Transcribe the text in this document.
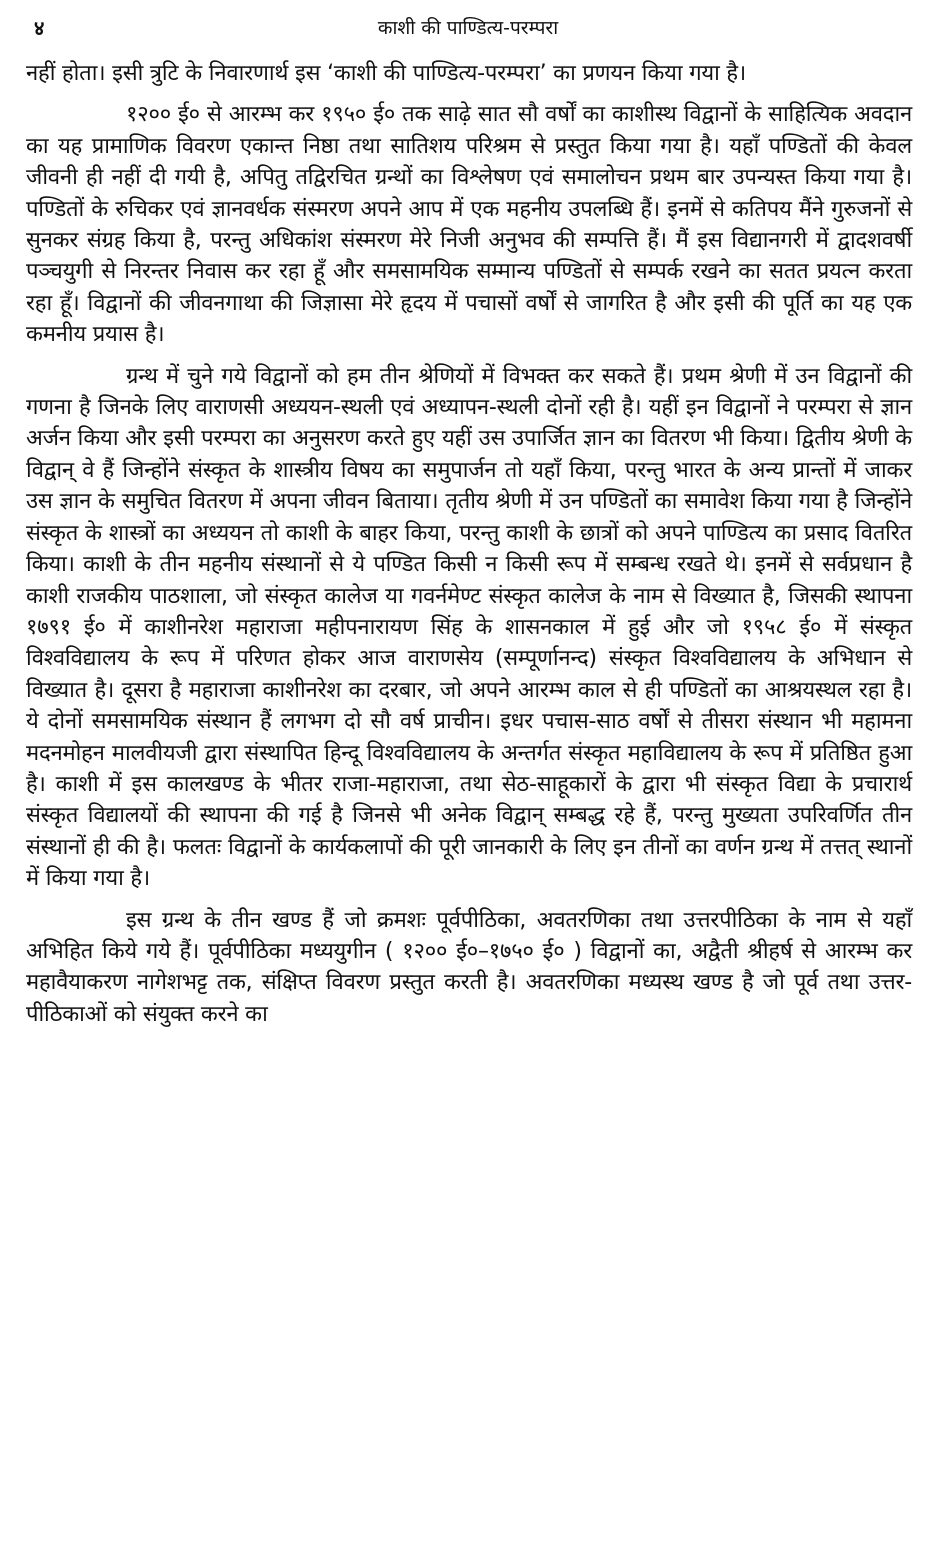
४	काशी की पाण्डित्य-परम्परा

नहीं होता। इसी त्रुटि के निवारणार्थ इस ‘काशी की पाण्डित्य-परम्परा’ का प्रणयन किया गया है।

१२०० ई० से आरम्भ कर १९५० ई० तक साढ़े सात सौ वर्षों का काशीस्थ विद्वानों के साहित्यिक अवदान का यह प्रामाणिक विवरण एकान्त निष्ठा तथा सातिशय परिश्रम से प्रस्तुत किया गया है। यहाँ पण्डितों की केवल जीवनी ही नहीं दी गयी है, अपितु तद्विरचित ग्रन्थों का विश्लेषण एवं समालोचन प्रथम बार उपन्यस्त किया गया है। पण्डितों के रुचिकर एवं ज्ञानवर्धक संस्मरण अपने आप में एक महनीय उपलब्धि हैं। इनमें से कतिपय मैंने गुरुजनों से सुनकर संग्रह किया है, परन्तु अधिकांश संस्मरण मेरे निजी अनुभव की सम्पत्ति हैं। मैं इस विद्यानगरी में द्वादशवर्षी पञ्चयुगी से निरन्तर निवास कर रहा हूँ और समसामयिक सम्मान्य पण्डितों से सम्पर्क रखने का सतत प्रयत्न करता रहा हूँ। विद्वानों की जीवनगाथा की जिज्ञासा मेरे हृदय में पचासों वर्षों से जागरित है और इसी की पूर्ति का यह एक कमनीय प्रयास है।

ग्रन्थ में चुने गये विद्वानों को हम तीन श्रेणियों में विभक्त कर सकते हैं। प्रथम श्रेणी में उन विद्वानों की गणना है जिनके लिए वाराणसी अध्ययन-स्थली एवं अध्यापन-स्थली दोनों रही है। यहीं इन विद्वानों ने परम्परा से ज्ञान अर्जन किया और इसी परम्परा का अनुसरण करते हुए यहीं उस उपार्जित ज्ञान का वितरण भी किया। द्वितीय श्रेणी के विद्वान् वे हैं जिन्होंने संस्कृत के शास्त्रीय विषय का समुपार्जन तो यहाँ किया, परन्तु भारत के अन्य प्रान्तों में जाकर उस ज्ञान के समुचित वितरण में अपना जीवन बिताया। तृतीय श्रेणी में उन पण्डितों का समावेश किया गया है जिन्होंने संस्कृत के शास्त्रों का अध्ययन तो काशी के बाहर किया, परन्तु काशी के छात्रों को अपने पाण्डित्य का प्रसाद वितरित किया। काशी के तीन महनीय संस्थानों से ये पण्डित किसी न किसी रूप में सम्बन्ध रखते थे। इनमें से सर्वप्रधान है काशी राजकीय पाठशाला, जो संस्कृत कालेज या गवर्नमेण्ट संस्कृत कालेज के नाम से विख्यात है, जिसकी स्थापना १७९१ ई० में काशीनरेश महाराजा महीपनारायण सिंह के शासनकाल में हुई और जो १९५८ ई० में संस्कृत विश्वविद्यालय के रूप में परिणत होकर आज वाराणसेय (सम्पूर्णानन्द) संस्कृत विश्वविद्यालय के अभिधान से विख्यात है। दूसरा है महाराजा काशीनरेश का दरबार, जो अपने आरम्भ काल से ही पण्डितों का आश्रयस्थल रहा है। ये दोनों समसामयिक संस्थान हैं लगभग दो सौ वर्ष प्राचीन। इधर पचास-साठ वर्षों से तीसरा संस्थान भी महामना मदनमोहन मालवीयजी द्वारा संस्थापित हिन्दू विश्वविद्यालय के अन्तर्गत संस्कृत महाविद्यालय के रूप में प्रतिष्ठित हुआ है। काशी में इस कालखण्ड के भीतर राजा-महाराजा, तथा सेठ-साहूकारों के द्वारा भी संस्कृत विद्या के प्रचारार्थ संस्कृत विद्यालयों की स्थापना की गई है जिनसे भी अनेक विद्वान् सम्बद्ध रहे हैं, परन्तु मुख्यता उपरिवर्णित तीन संस्थानों ही की है। फलतः विद्वानों के कार्यकलापों की पूरी जानकारी के लिए इन तीनों का वर्णन ग्रन्थ में तत्तत् स्थानों में किया गया है।

इस ग्रन्थ के तीन खण्ड हैं जो क्रमशः पूर्वपीठिका, अवतरणिका तथा उत्तरपीठिका के नाम से यहाँ अभिहित किये गये हैं। पूर्वपीठिका मध्ययुगीन ( १२०० ई०–१७५० ई० ) विद्वानों का, अद्वैती श्रीहर्ष से आरम्भ कर महावैयाकरण नागेशभट्ट तक, संक्षिप्त विवरण प्रस्तुत करती है। अवतरणिका मध्यस्थ खण्ड है जो पूर्व तथा उत्तर-पीठिकाओं को संयुक्त करने का
